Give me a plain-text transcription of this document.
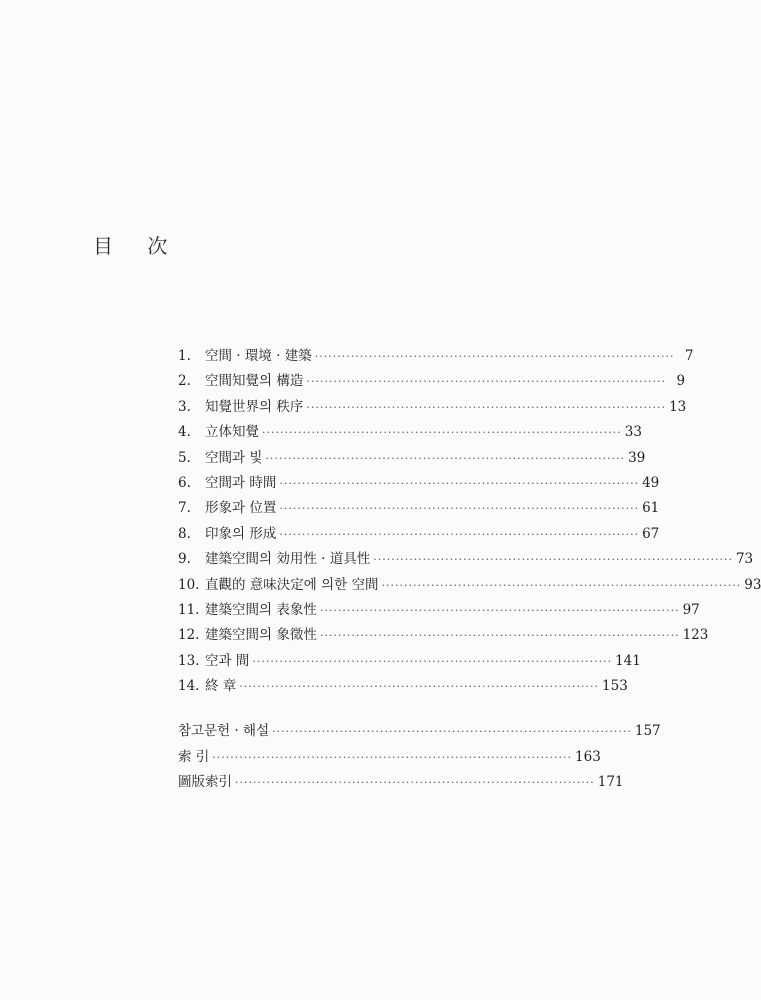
目 次
1.	空間 · 環境 · 建築 ················································································ 7
2.	空間知覺의 構造 ················································································ 9
3.	知覺世界의 秩序 ················································································ 13
4.	立体知覺 ················································································ 33
5.	空間과 빛 ················································································ 39
6.	空間과 時間 ················································································ 49
7.	形象과 位置 ················································································ 61
8.	印象의 形成 ················································································ 67
9.	建築空間의 効用性 · 道具性 ················································································ 73
10. 直觀的 意味決定에 의한 空間 ················································································ 93
11. 建築空間의 表象性 ················································································ 97
12. 建築空間의 象徵性 ················································································ 123
13. 空과 間 ················································································ 141
14. 終 章 ················································································ 153
참고문헌 · 해설 ················································································ 157
索 引 ················································································ 163
圖版索引 ················································································ 171
